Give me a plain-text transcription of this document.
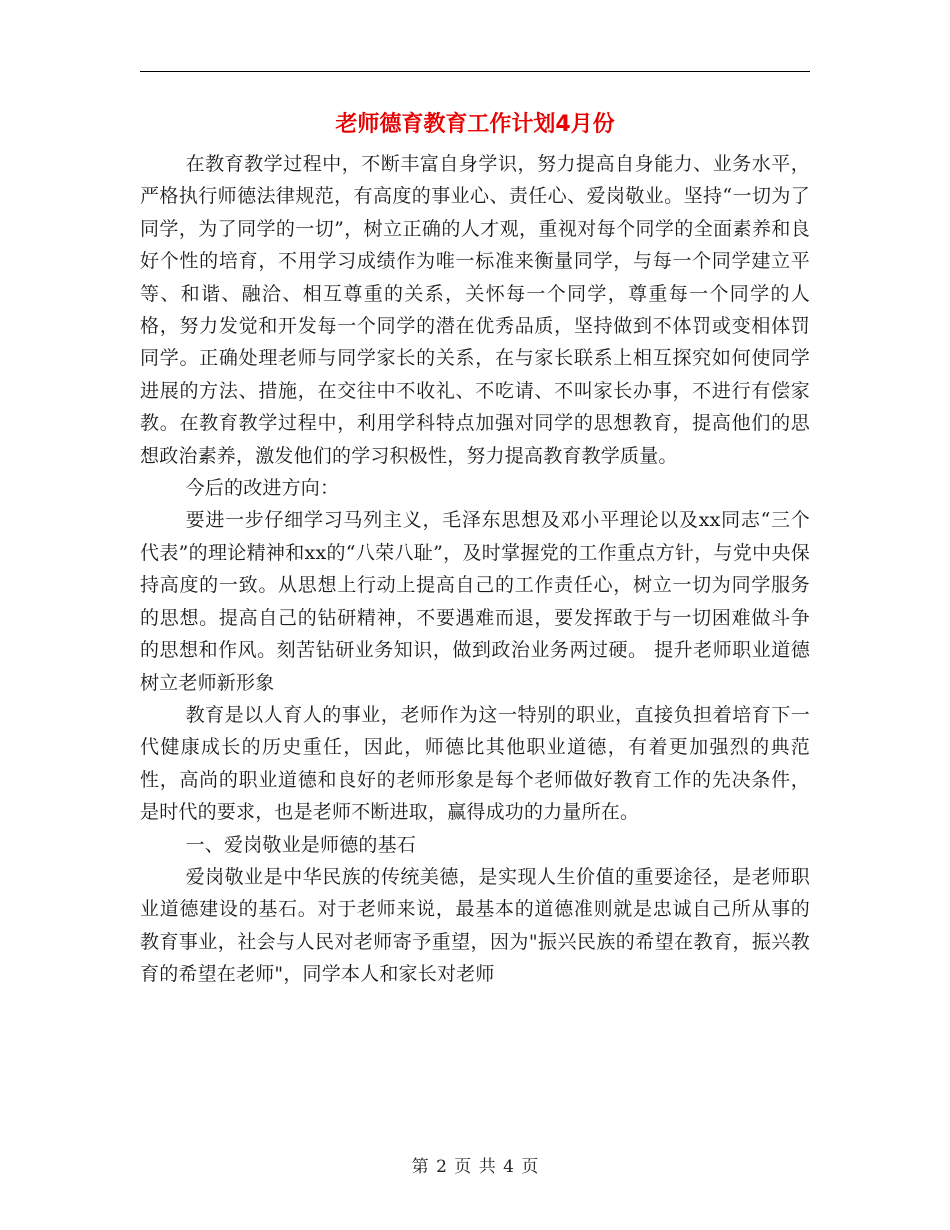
老师德育教育工作计划4月份

在教育教学过程中，不断丰富自身学识，努力提高自身能力、业务水平，严格执行师德法律规范，有高度的事业心、责任心、爱岗敬业。坚持“一切为了同学，为了同学的一切”，树立正确的人才观，重视对每个同学的全面素养和良好个性的培育，不用学习成绩作为唯一标准来衡量同学，与每一个同学建立平等、和谐、融洽、相互尊重的关系，关怀每一个同学，尊重每一个同学的人格，努力发觉和开发每一个同学的潜在优秀品质，坚持做到不体罚或变相体罚同学。正确处理老师与同学家长的关系，在与家长联系上相互探究如何使同学进展的方法、措施，在交往中不收礼、不吃请、不叫家长办事，不进行有偿家教。在教育教学过程中，利用学科特点加强对同学的思想教育，提高他们的思想政治素养，激发他们的学习积极性，努力提高教育教学质量。

今后的改进方向：

要进一步仔细学习马列主义，毛泽东思想及邓小平理论以及xx同志“三个代表”的理论精神和xx的“八荣八耻”，及时掌握党的工作重点方针，与党中央保持高度的一致。从思想上行动上提高自己的工作责任心，树立一切为同学服务的思想。提高自己的钻研精神，不要遇难而退，要发挥敢于与一切困难做斗争的思想和作风。刻苦钻研业务知识，做到政治业务两过硬。 提升老师职业道德 树立老师新形象

教育是以人育人的事业，老师作为这一特别的职业，直接负担着培育下一代健康成长的历史重任，因此，师德比其他职业道德，有着更加强烈的典范性，高尚的职业道德和良好的老师形象是每个老师做好教育工作的先决条件，是时代的要求，也是老师不断进取，赢得成功的力量所在。

一、爱岗敬业是师德的基石

爱岗敬业是中华民族的传统美德，是实现人生价值的重要途径，是老师职业道德建设的基石。对于老师来说，最基本的道德准则就是忠诚自己所从事的教育事业，社会与人民对老师寄予重望，因为"振兴民族的希望在教育，振兴教育的希望在老师"，同学本人和家长对老师

第 2 页 共 4 页
